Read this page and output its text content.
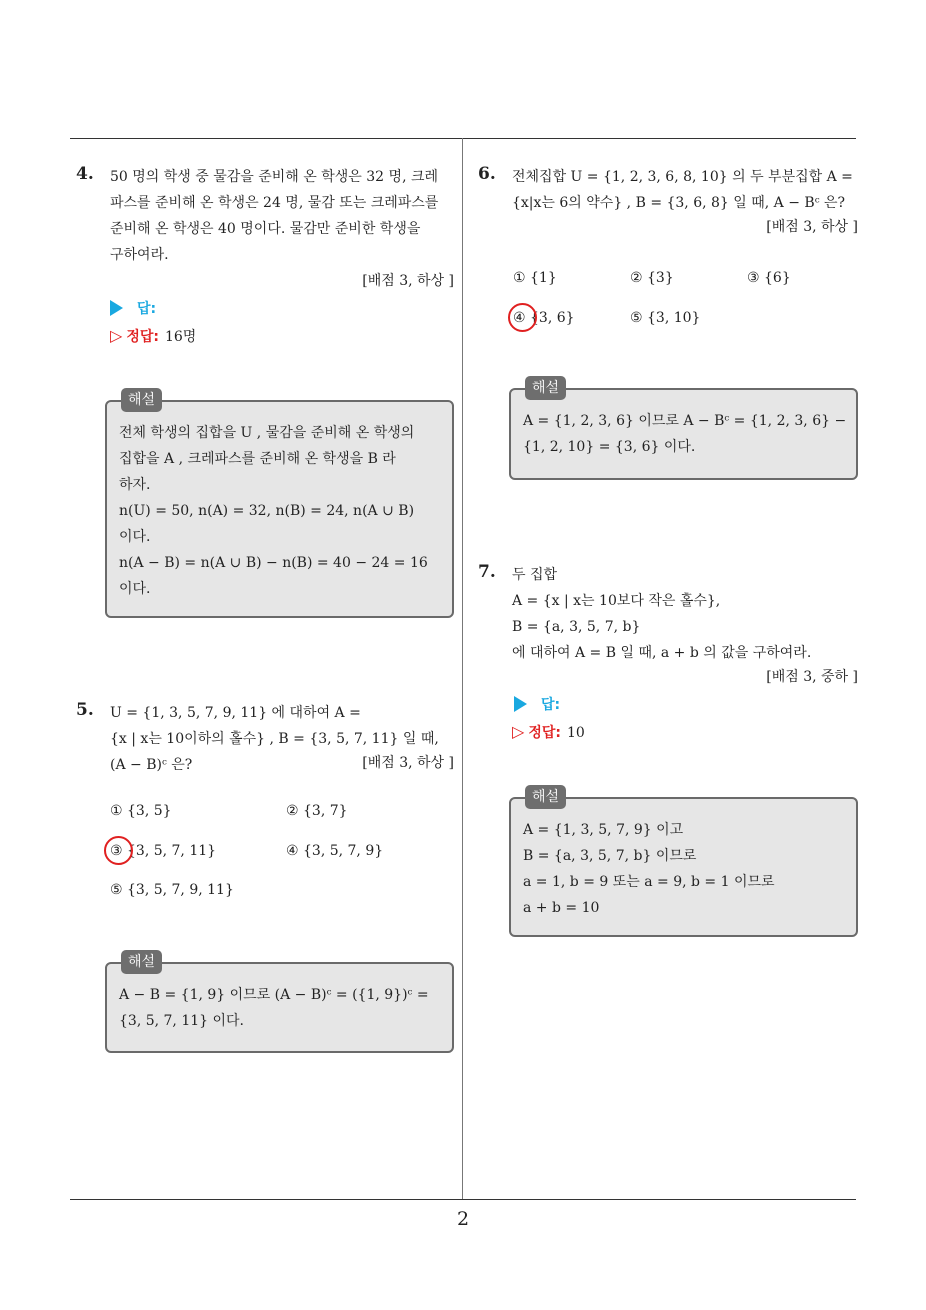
4. 50 명의 학생 중 물감을 준비해 온 학생은 32 명, 크레
파스를 준비해 온 학생은 24 명, 물감 또는 크레파스를
준비해 온 학생은 40 명이다. 물감만 준비한 학생을
구하여라.
[배점 3, 하상 ]
답:
▷ 정답: 16명
해설
전체 학생의 집합을 U , 물감을 준비해 온 학생의
집합을 A , 크레파스를 준비해 온 학생을 B 라
하자.
n(U) = 50, n(A) = 32, n(B) = 24, n(A ∪ B)
이다.
n(A − B) = n(A ∪ B) − n(B) = 40 − 24 = 16
이다.
5. U = {1, 3, 5, 7, 9, 11} 에 대하여 A =
{x | x는 10이하의 홀수} , B = {3, 5, 7, 11} 일 때,
(A − B)ᶜ 은?	[배점 3, 하상 ]
① {3, 5}	② {3, 7}
③ {3, 5, 7, 11}	④ {3, 5, 7, 9}
⑤ {3, 5, 7, 9, 11}
해설
A − B = {1, 9} 이므로 (A − B)ᶜ = ({1, 9})ᶜ =
{3, 5, 7, 11} 이다.
6. 전체집합 U = {1, 2, 3, 6, 8, 10} 의 두 부분집합 A =
{x|x는 6의 약수} , B = {3, 6, 8} 일 때, A − Bᶜ 은?
[배점 3, 하상 ]
① {1}	② {3}	③ {6}
④ {3, 6}	⑤ {3, 10}
해설
A = {1, 2, 3, 6} 이므로 A − Bᶜ = {1, 2, 3, 6} −
{1, 2, 10} = {3, 6} 이다.
7. 두 집합
A = {x | x는 10보다 작은 홀수},
B = {a, 3, 5, 7, b}
에 대하여 A = B 일 때, a + b 의 값을 구하여라.
[배점 3, 중하 ]
답:
▷ 정답: 10
해설
A = {1, 3, 5, 7, 9} 이고
B = {a, 3, 5, 7, b} 이므로
a = 1, b = 9 또는 a = 9, b = 1 이므로
a + b = 10
2
